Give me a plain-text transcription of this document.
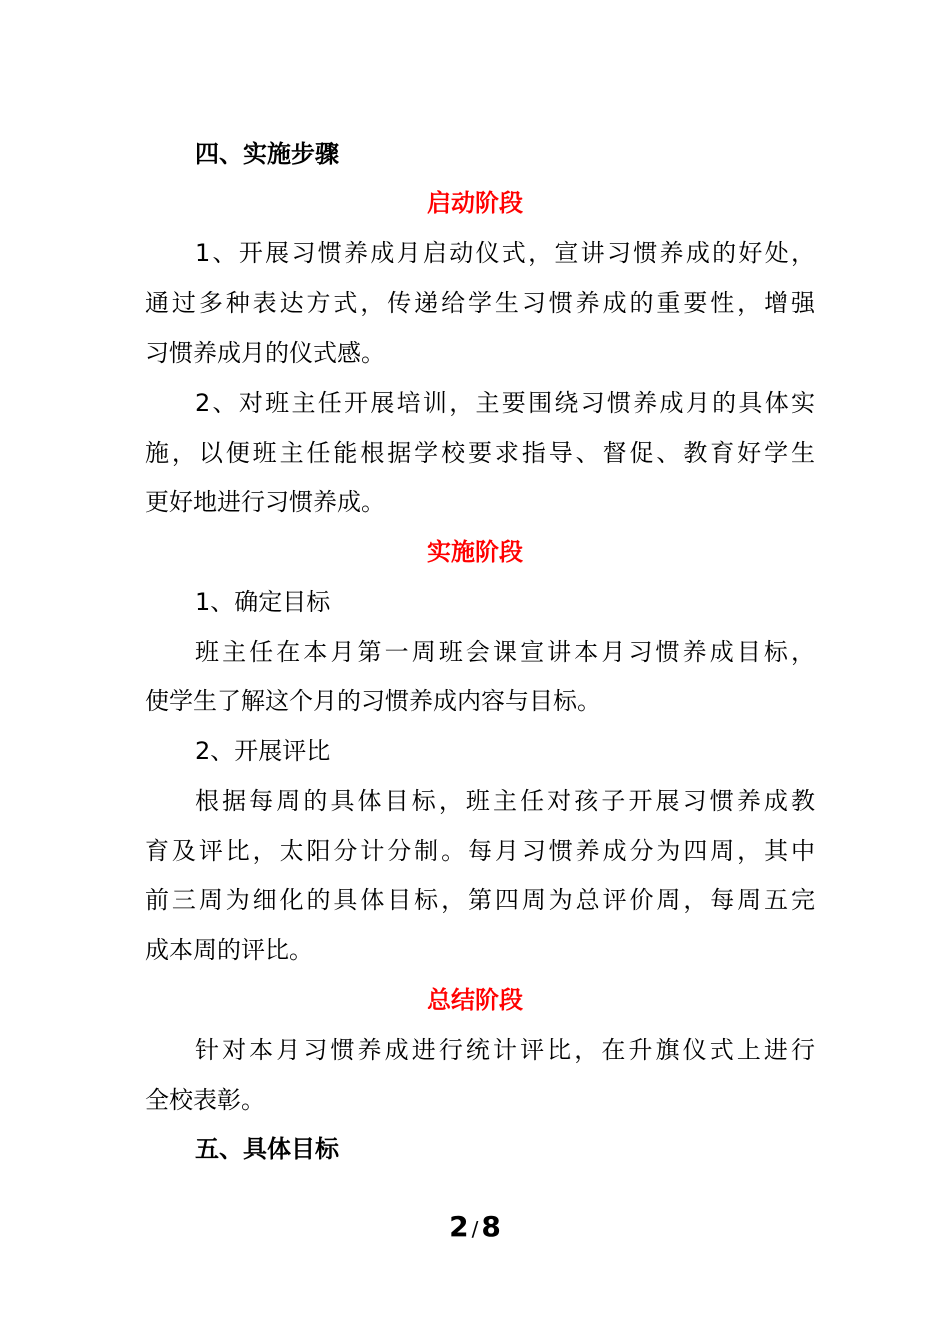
四、实施步骤
启动阶段
1、开展习惯养成月启动仪式，宣讲习惯养成的好处，
通过多种表达方式，传递给学生习惯养成的重要性，增强
习惯养成月的仪式感。
2、对班主任开展培训，主要围绕习惯养成月的具体实
施，以便班主任能根据学校要求指导、督促、教育好学生
更好地进行习惯养成。
实施阶段
1、确定目标
班主任在本月第一周班会课宣讲本月习惯养成目标，
使学生了解这个月的习惯养成内容与目标。
2、开展评比
根据每周的具体目标，班主任对孩子开展习惯养成教
育及评比，太阳分计分制。每月习惯养成分为四周，其中
前三周为细化的具体目标，第四周为总评价周，每周五完
成本周的评比。
总结阶段
针对本月习惯养成进行统计评比，在升旗仪式上进行
全校表彰。
五、具体目标
2 / 8
